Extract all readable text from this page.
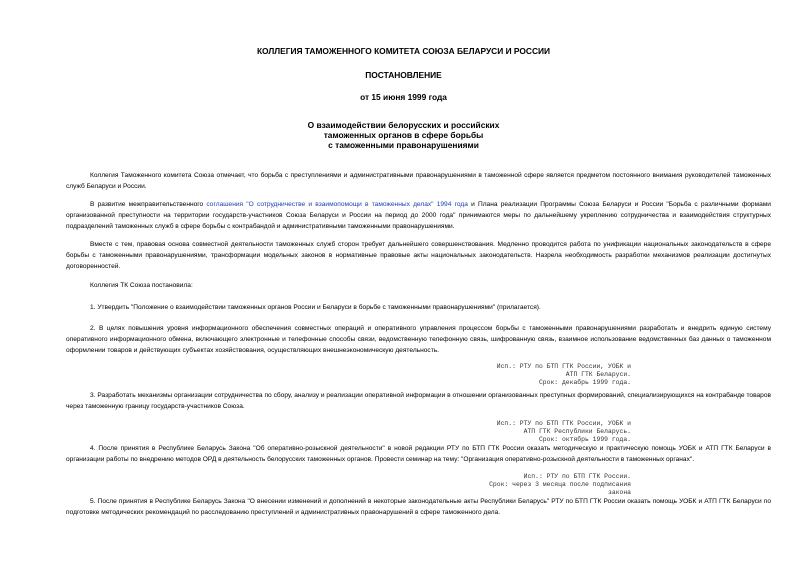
КОЛЛЕГИЯ ТАМОЖЕННОГО КОМИТЕТА СОЮЗА БЕЛАРУСИ И РОССИИ
ПОСТАНОВЛЕНИЕ
от 15 июня 1999 года
О взаимодействии белорусских и российских
таможенных органов в сфере борьбы
с таможенными правонарушениями
Коллегия Таможенного комитета Союза отмечает, что борьба с преступлениями и административными правонарушениями в таможенной сфере является предметом постоянного внимания руководителей таможенных служб Беларуси и России.
В развитие межправительственного соглашения "О сотрудничестве и взаимопомощи в таможенных делах" 1994 года и Плана реализации Программы Союза Беларуси и России "Борьба с различными формами организованной преступности на территории государств-участников Союза Беларуси и России на период до 2000 года" принимаются меры по дальнейшему укреплению сотрудничества и взаимодействия структурных подразделений таможенных служб в сфере борьбы с контрабандой и административными таможенными правонарушениями.
Вместе с тем, правовая основа совместной деятельности таможенных служб сторон требует дальнейшего совершенствования. Медленно проводится работа по унификации национальных законодательств в сфере борьбы с таможенными правонарушениями, трансформации модельных законов в нормативные правовые акты национальных законодательств. Назрела необходимость разработки механизмов реализации достигнутых договоренностей.
Коллегия ТК Союза постановила:
1. Утвердить "Положение о взаимодействии таможенных органов России и Беларуси в борьбе с таможенными правонарушениями" (прилагается).
2. В целях повышения уровня информационного обеспечения совместных операций и оперативного управления процессом борьбы с таможенными правонарушениями разработать и внедрить единую систему оперативного информационного обмена, включающего электронные и телефонные способы связи, ведомственную телефонную связь, шифрованную связь, взаимное использование ведомственных баз данных о таможенном оформлении товаров и действующих субъектах хозяйствования, осуществляющих внешнеэкономическую деятельность.
Исп.: РТУ по БТП ГТК России, УОБК и
АТП ГТК Беларуси.
Срок: декабрь 1999 года.
3. Разработать механизмы организации сотрудничества по сбору, анализу и реализации оперативной информации в отношении организованных преступных формирований, специализирующихся на контрабанде товаров через таможенную границу государств-участников Союза.
Исп.: РТУ по БТП ГТК России, УОБК и
АТП ГТК Республики Беларусь.
Срок: октябрь 1999 года.
4. После принятия в Республике Беларусь Закона "Об оперативно-розыскной деятельности" в новой редакции РТУ по БТП ГТК России оказать методическую и практическую помощь УОБК и АТП ГТК Беларуси в организации работы по внедрению методов ОРД в деятельность белорусских таможенных органов. Провести семинар на тему: "Организация оперативно-розыскной деятельности в таможенных органах".
Исп.: РТУ по БТП ГТК России.
Срок: через 3 месяца после подписания
закона
5. После принятия в Республике Беларусь Закона "О внесении изменений и дополнений в некоторые законодательные акты Республики Беларусь" РТУ по БТП ГТК России оказать помощь УОБК и АТП ГТК Беларуси по подготовке методических рекомендаций по расследованию преступлений и административных правонарушений в сфере таможенного дела.
